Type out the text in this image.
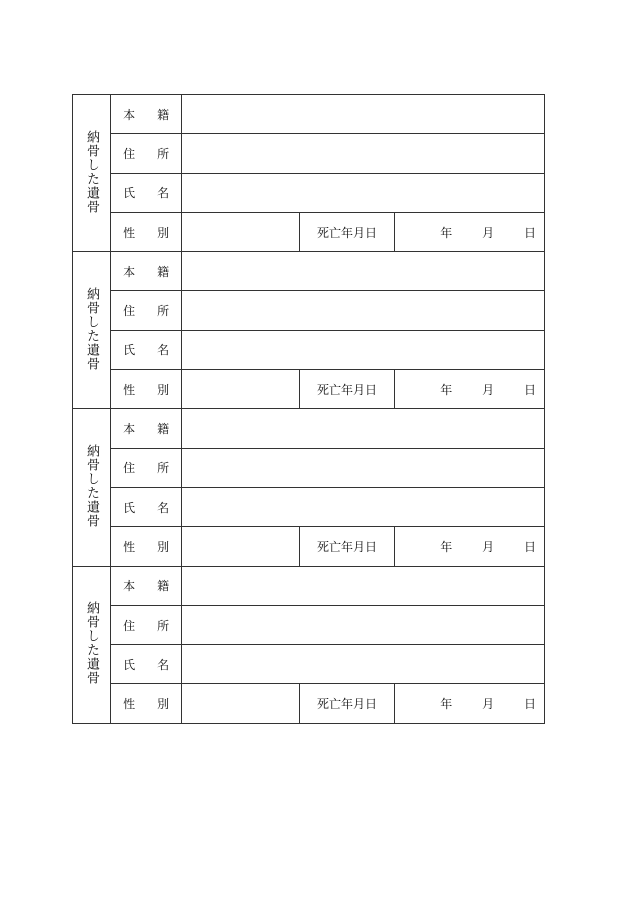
納骨した遺骨	本 籍			
	住 所			
	氏 名			
	性 別		死亡年月日	年 月 日
納骨した遺骨	本 籍			
	住 所			
	氏 名			
	性 別		死亡年月日	年 月 日
納骨した遺骨	本 籍			
	住 所			
	氏 名			
	性 別		死亡年月日	年 月 日
納骨した遺骨	本 籍			
	住 所			
	氏 名			
	性 別		死亡年月日	年 月 日
